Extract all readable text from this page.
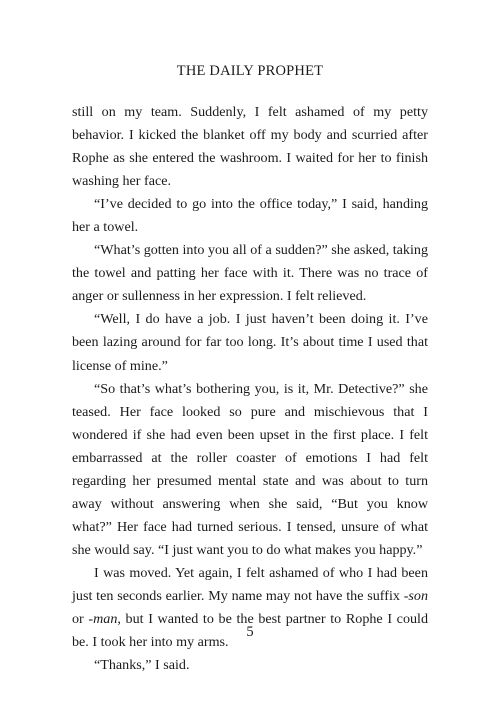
THE DAILY PROPHET

still on my team. Suddenly, I felt ashamed of my petty behavior. I kicked the blanket off my body and scurried after Rophe as she entered the washroom. I waited for her to finish washing her face.

“I’ve decided to go into the office today,” I said, handing her a towel.

“What’s gotten into you all of a sudden?” she asked, taking the towel and patting her face with it. There was no trace of anger or sullenness in her expression. I felt relieved.

“Well, I do have a job. I just haven’t been doing it. I’ve been lazing around for far too long. It’s about time I used that license of mine.”

“So that’s what’s bothering you, is it, Mr. Detective?” she teased. Her face looked so pure and mischievous that I wondered if she had even been upset in the first place. I felt embarrassed at the roller coaster of emotions I had felt regarding her presumed mental state and was about to turn away without answering when she said, “But you know what?” Her face had turned serious. I tensed, unsure of what she would say. “I just want you to do what makes you happy.”

I was moved. Yet again, I felt ashamed of who I had been just ten seconds earlier. My name may not have the suffix -son or -man, but I wanted to be the best partner to Rophe I could be. I took her into my arms.

“Thanks,” I said.

5
